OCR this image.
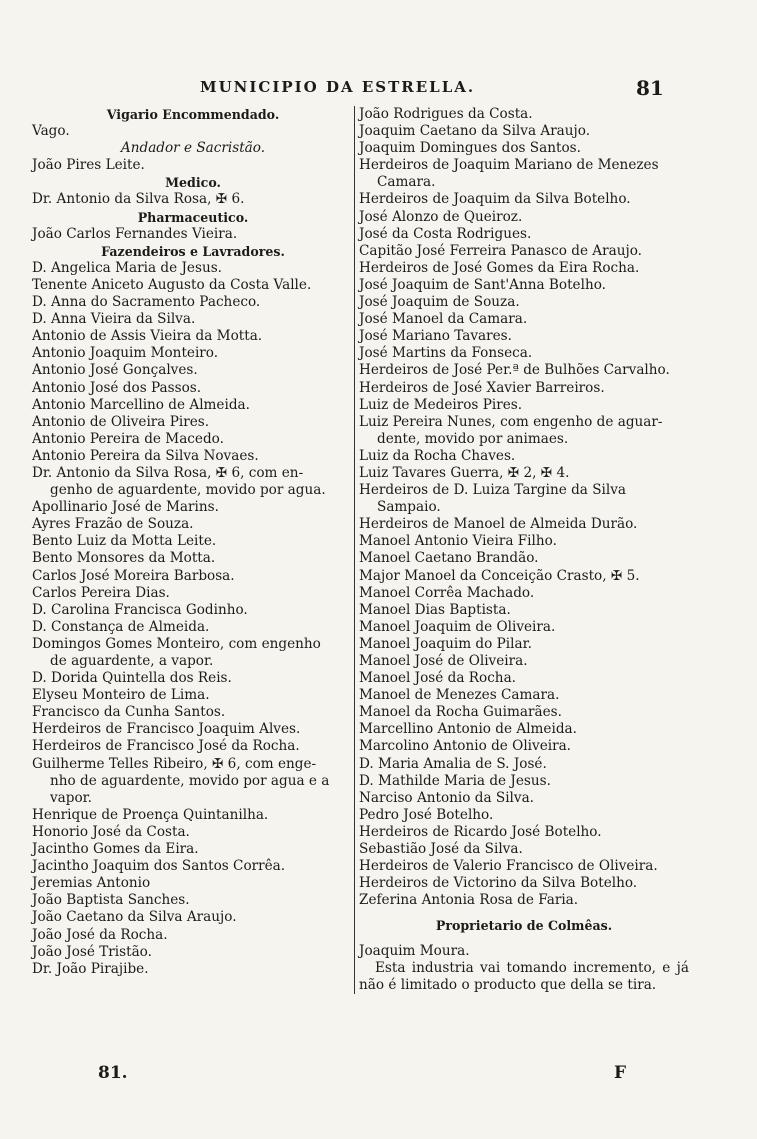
MUNICIPIO DA ESTRELLA.	81

Vigario Encommendado.

Vago.

Andador e Sacristão.

João Pires Leite.

Medico.

Dr. Antonio da Silva Rosa, ✠ 6.

Pharmaceutico.

João Carlos Fernandes Vieira.

Fazendeiros e Lavradores.

D. Angelica Maria de Jesus.

Tenente Aniceto Augusto da Costa Valle.

D. Anna do Sacramento Pacheco.

D. Anna Vieira da Silva.

Antonio de Assis Vieira da Motta.

Antonio Joaquim Monteiro.

Antonio José Gonçalves.

Antonio José dos Passos.

Antonio Marcellino de Almeida.

Antonio de Oliveira Pires.

Antonio Pereira de Macedo.

Antonio Pereira da Silva Novaes.

Dr. Antonio da Silva Rosa, ✠ 6, com en-

genho de aguardente, movido por agua.

Apollinario José de Marins.

Ayres Frazão de Souza.

Bento Luiz da Motta Leite.

Bento Monsores da Motta.

Carlos José Moreira Barbosa.

Carlos Pereira Dias.

D. Carolina Francisca Godinho.

D. Constança de Almeida.

Domingos Gomes Monteiro, com engenho

de aguardente, a vapor.

D. Dorida Quintella dos Reis.

Elyseu Monteiro de Lima.

Francisco da Cunha Santos.

Herdeiros de Francisco Joaquim Alves.

Herdeiros de Francisco José da Rocha.

Guilherme Telles Ribeiro, ✠ 6, com enge-

nho de aguardente, movido por agua e a

vapor.

Henrique de Proença Quintanilha.

Honorio José da Costa.

Jacintho Gomes da Eira.

Jacintho Joaquim dos Santos Corrêa.

Jeremias Antonio

João Baptista Sanches.

João Caetano da Silva Araujo.

João José da Rocha.

João José Tristão.

Dr. João Pirajibe.

João Rodrigues da Costa.

Joaquim Caetano da Silva Araujo.

Joaquim Domingues dos Santos.

Herdeiros de Joaquim Mariano de Menezes

Camara.

Herdeiros de Joaquim da Silva Botelho.

José Alonzo de Queiroz.

José da Costa Rodrigues.

Capitão José Ferreira Panasco de Araujo.

Herdeiros de José Gomes da Eira Rocha.

José Joaquim de Sant'Anna Botelho.

José Joaquim de Souza.

José Manoel da Camara.

José Mariano Tavares.

José Martins da Fonseca.

Herdeiros de José Per.ª de Bulhões Carvalho.

Herdeiros de José Xavier Barreiros.

Luiz de Medeiros Pires.

Luiz Pereira Nunes, com engenho de aguar-

dente, movido por animaes.

Luiz da Rocha Chaves.

Luiz Tavares Guerra, ✠ 2, ✠ 4.

Herdeiros de D. Luiza Targine da Silva

Sampaio.

Herdeiros de Manoel de Almeida Durão.

Manoel Antonio Vieira Filho.

Manoel Caetano Brandão.

Major Manoel da Conceição Crasto, ✠ 5.

Manoel Corrêa Machado.

Manoel Dias Baptista.

Manoel Joaquim de Oliveira.

Manoel Joaquim do Pilar.

Manoel José de Oliveira.

Manoel José da Rocha.

Manoel de Menezes Camara.

Manoel da Rocha Guimarães.

Marcellino Antonio de Almeida.

Marcolino Antonio de Oliveira.

D. Maria Amalia de S. José.

D. Mathilde Maria de Jesus.

Narciso Antonio da Silva.

Pedro José Botelho.

Herdeiros de Ricardo José Botelho.

Sebastião José da Silva.

Herdeiros de Valerio Francisco de Oliveira.

Herdeiros de Victorino da Silva Botelho.

Zeferina Antonia Rosa de Faria.

Proprietario de Colmêas.

Joaquim Moura.

Esta industria vai tomando incremento, e já não é limitado o producto que della se tira.

81.	F
